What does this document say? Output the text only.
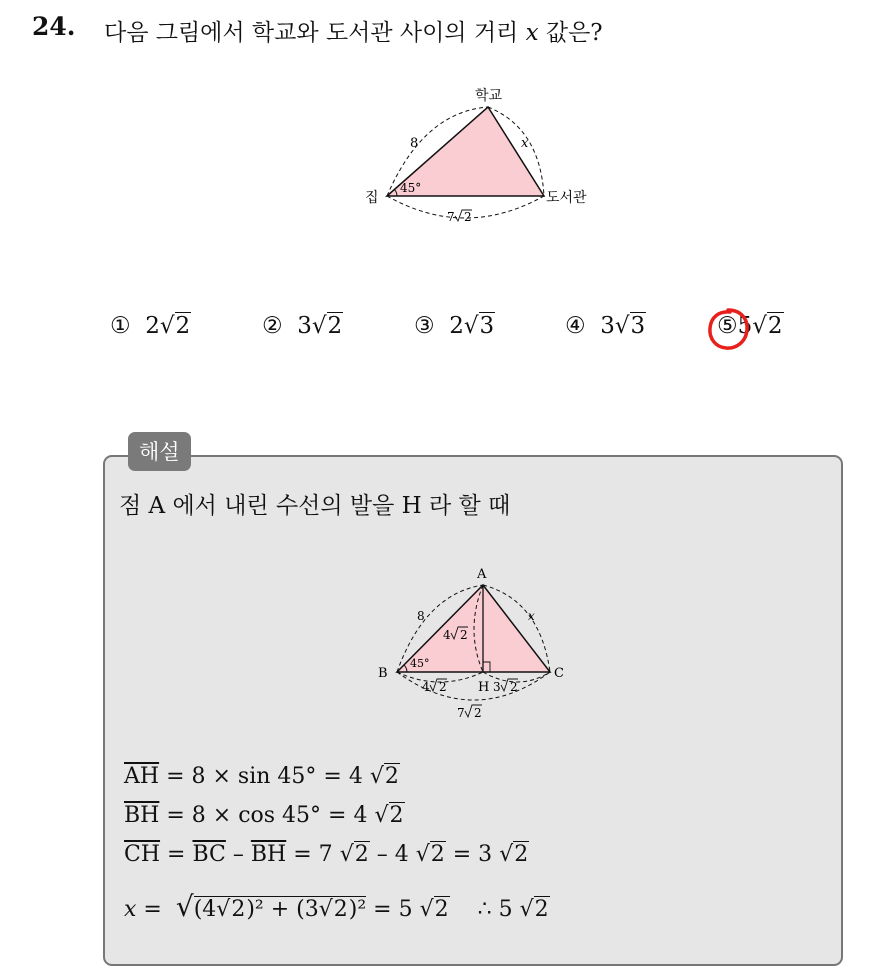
24. 다음 그림에서 학교와 도서관 사이의 거리 x 값은?
학교
집	도서관
8	x
45°
7 2
① 2√2	② 3√2	③ 2√3	④ 3√3	⑤5√2
해설
점 A 에서 내린 수선의 발을 H 라 할 때
A
B	C
H
8	x
45°
4 2
4 2	3 2
7 2
$\overline{AH} = 8 \times \sin 45^\circ = 4$ √2
$\overline{BH} = 8 \times \cos 45^\circ = 4$ √2
$\overline{CH} = \overline{BC} - \overline{BH} = 7$ √2 – 4 √2 = 3 √2
x = √(4√2)² + (3√2)² = 5 √2 ∴ 5 √2
